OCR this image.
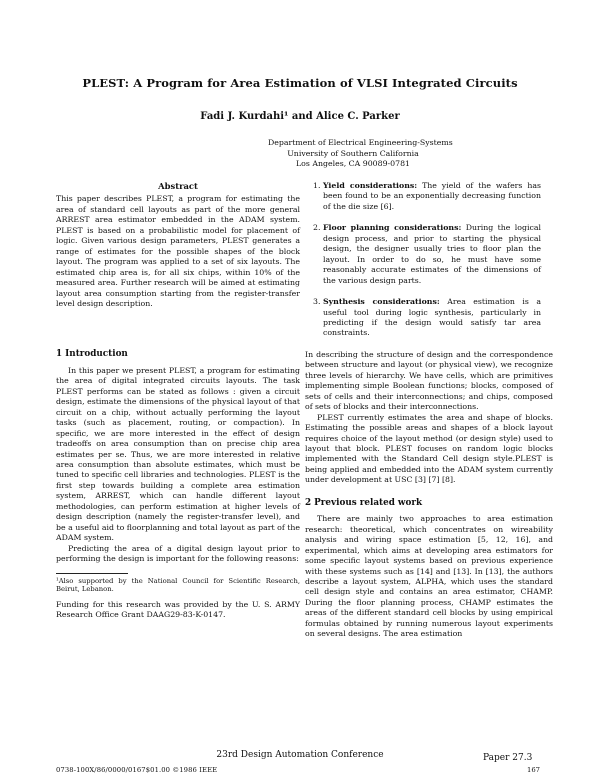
PLEST: A Program for Area Estimation of VLSI Integrated Circuits
Fadi J. Kurdahi¹ and Alice C. Parker
Department of Electrical Engineering-Systems
University of Southern California
Los Angeles, CA 90089-0781
Abstract

This paper describes PLEST, a program for estimating the area of standard cell layouts as part of the more general ARREST area estimator embedded in the ADAM system. PLEST is based on a probabilistic model for placement of logic. Given various design parameters, PLEST generates a range of estimates for the possible shapes of the block layout. The program was applied to a set of six layouts. The estimated chip area is, for all six chips, within 10% of the measured area. Further research will be aimed at estimating layout area consumption starting from the register-transfer level design description.

1 Introduction

In this paper we present PLEST, a program for estimating the area of digital integrated circuits layouts. The task PLEST performs can be stated as follows : given a circuit design, estimate the dimensions of the physical layout of that circuit on a chip, without actually performing the layout tasks (such as placement, routing, or compaction). In specific, we are more interested in the effect of design tradeoffs on area consumption than on precise chip area estimates per se. Thus, we are more interested in relative area consumption than absolute estimates, which must be tuned to specific cell libraries and technologies. PLEST is the first step towards building a complete area estimation system, ARREST, which can handle different layout methodologies, can perform estimation at higher levels of design description (namely the register-transfer level), and be a useful aid to floorplanning and total layout as part of the ADAM system.

Predicting the area of a digital design layout prior to performing the design is important for the following reasons:

¹Also supported by the National Council for Scientific Research, Beirut, Lebanon.

Funding for this research was provided by the U. S. ARMY Research Office Grant DAAG29-83-K-0147.

1. Yield considerations: The yield of the wafers has been found to be an exponentially decreasing function of the die size [6].
2. Floor planning considerations: During the logical design process, and prior to starting the physical design, the designer usually tries to floor plan the layout. In order to do so, he must have some reasonably accurate estimates of the dimensions of the various design parts.
3. Synthesis considerations: Area estimation is a useful tool during logic synthesis, particularly in predicting if the design would satisfy tar area constraints.

In describing the structure of design and the correspondence between structure and layout (or physical view), we recognize three levels of hierarchy. We have cells, which are primitives implementing simple Boolean functions; blocks, composed of sets of cells and their interconnections; and chips, composed of sets of blocks and their interconnections.

PLEST currently estimates the area and shape of blocks. Estimating the possible areas and shapes of a block layout requires choice of the layout method (or design style) used to layout that block. PLEST focuses on random logic blocks implemented with the Standard Cell design style.PLEST is being applied and embedded into the ADAM system currently under development at USC [3] [7] [8].

2 Previous related work

There are mainly two approaches to area estimation research: theoretical, which concentrates on wireability analysis and wiring space estimation [5, 12, 16], and experimental, which aims at developing area estimators for some specific layout systems based on previous experience with these systems such as [14] and [13]. In [13], the authors describe a layout system, ALPHA, which uses the standard cell design style and contains an area estimator, CHAMP. During the floor planning process, CHAMP estimates the areas of the different standard cell blocks by using empirical formulas obtained by running numerous layout experiments on several designs. The area estimation

23rd Design Automation Conference	Paper 27.3
0738-100X/86/0000/0167$01.00 ©1986 IEEE	167
